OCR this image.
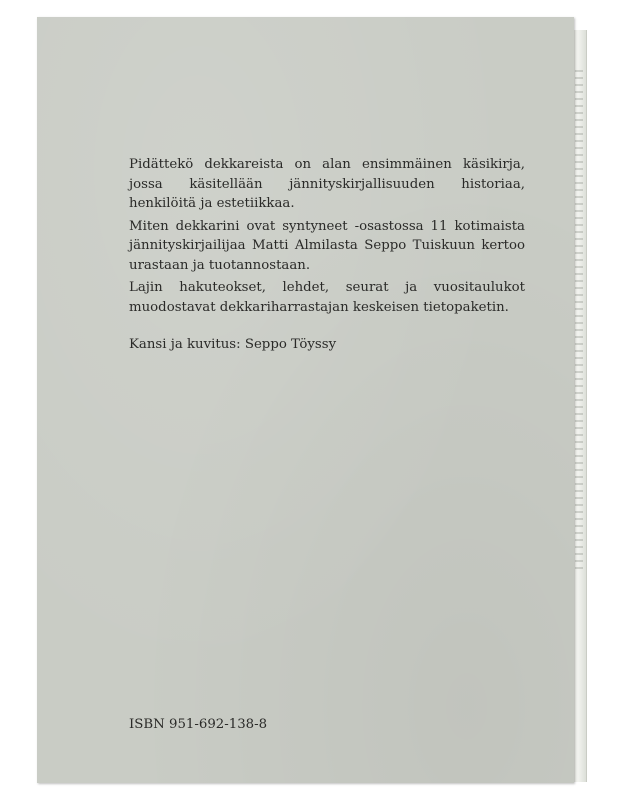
Pidättekö dekkareista on alan ensimmäinen käsikirja, jossa käsitellään jännityskirjallisuuden historiaa, henkilöitä ja estetiikkaa.

Miten dekkarini ovat syntyneet -osastossa 11 kotimaista jännityskirjailijaa Matti Almilasta Seppo Tuiskuun kertoo urastaan ja tuotannostaan.

Lajin hakuteokset, lehdet, seurat ja vuositaulukot muodostavat dekkariharrastajan keskeisen tietopaketin.

Kansi ja kuvitus: Seppo Töyssy
ISBN 951-692-138-8
